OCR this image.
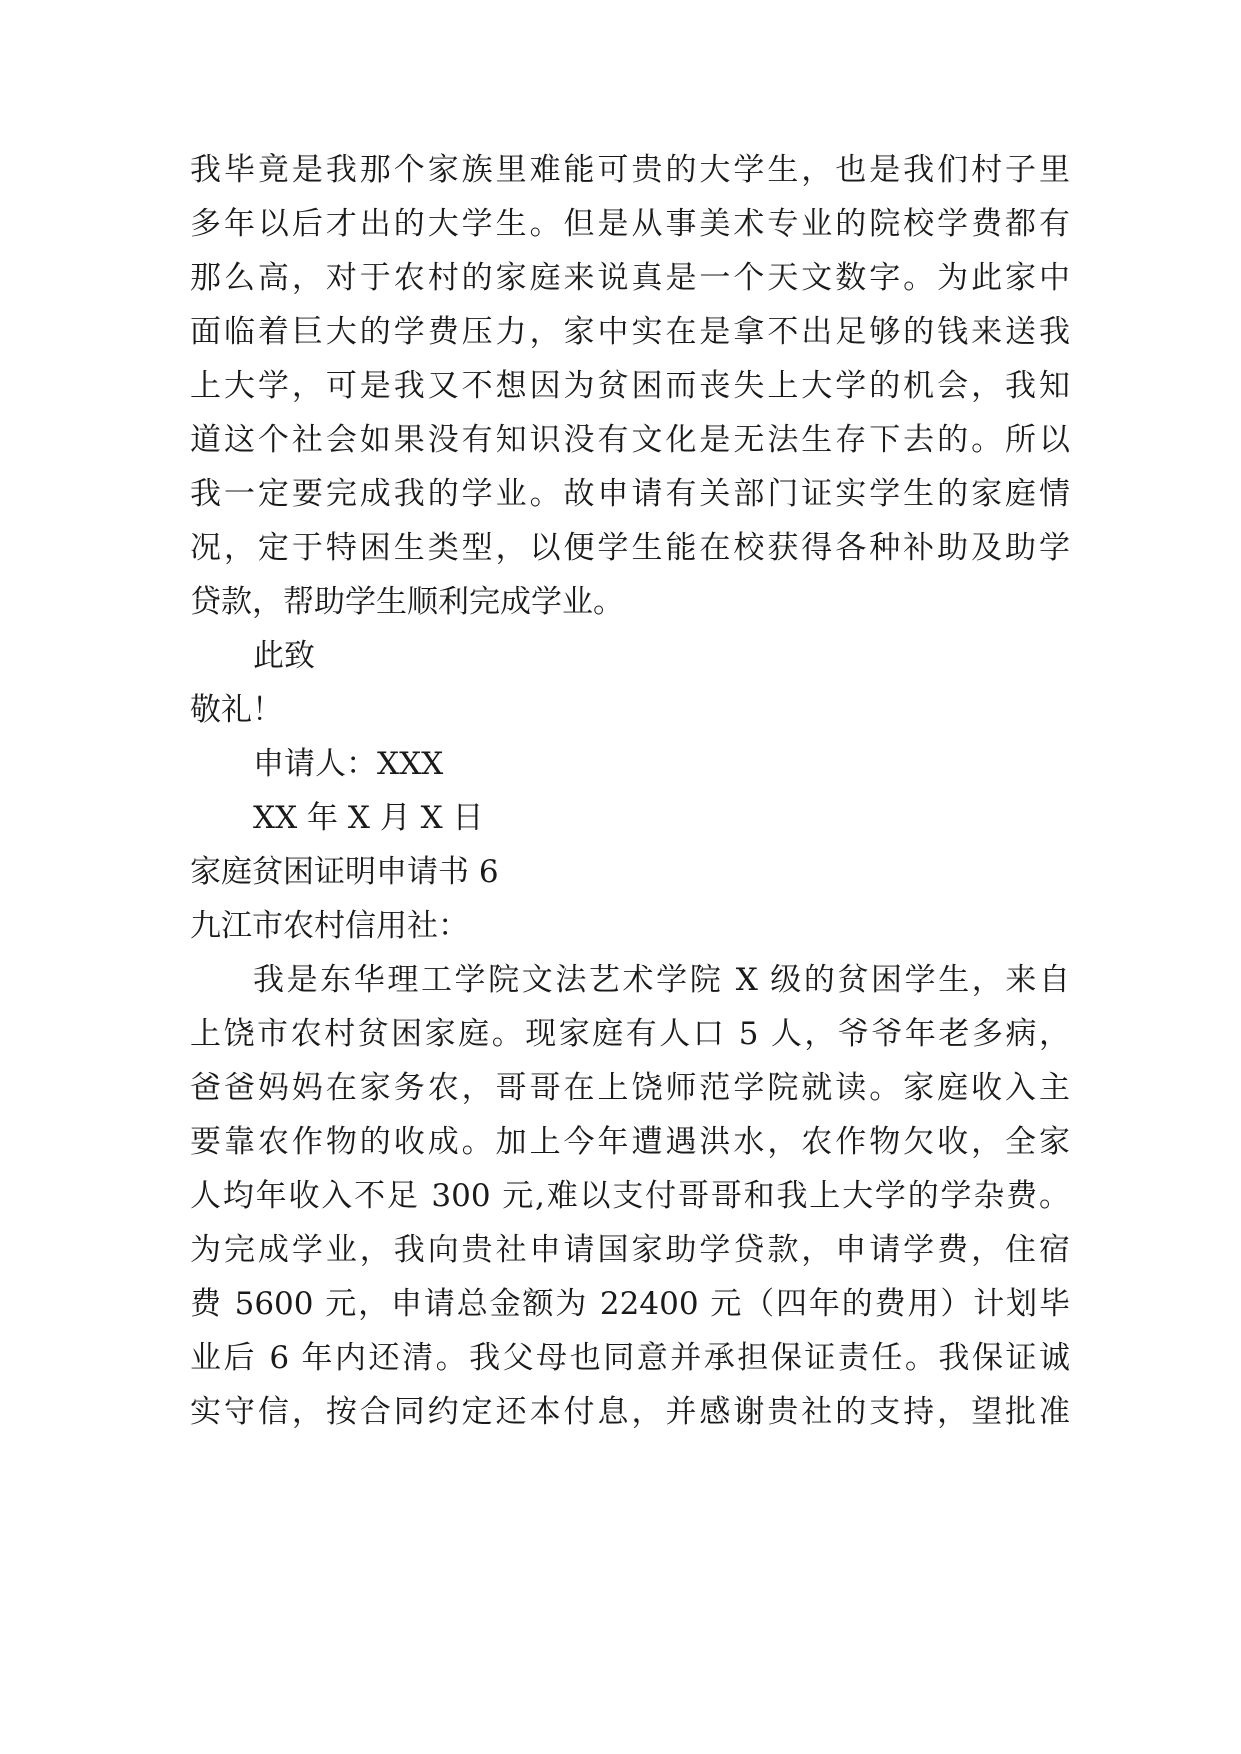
我毕竟是我那个家族里难能可贵的大学生，也是我们村子里
多年以后才出的大学生。但是从事美术专业的院校学费都有
那么高，对于农村的家庭来说真是一个天文数字。为此家中
面临着巨大的学费压力，家中实在是拿不出足够的钱来送我
上大学，可是我又不想因为贫困而丧失上大学的机会，我知
道这个社会如果没有知识没有文化是无法生存下去的。所以
我一定要完成我的学业。故申请有关部门证实学生的家庭情
况，定于特困生类型，以便学生能在校获得各种补助及助学
贷款，帮助学生顺利完成学业。
此致
敬礼！
申请人：XXX
XX 年 X 月 X 日
家庭贫困证明申请书 6
九江市农村信用社：
我是东华理工学院文法艺术学院 X 级的贫困学生，来自
上饶市农村贫困家庭。现家庭有人口 5 人，爷爷年老多病，
爸爸妈妈在家务农，哥哥在上饶师范学院就读。家庭收入主
要靠农作物的收成。加上今年遭遇洪水，农作物欠收，全家
人均年收入不足 300 元,难以支付哥哥和我上大学的学杂费。
为完成学业，我向贵社申请国家助学贷款，申请学费，住宿
费 5600 元，申请总金额为 22400 元（四年的费用）计划毕
业后 6 年内还清。我父母也同意并承担保证责任。我保证诚
实守信，按合同约定还本付息，并感谢贵社的支持，望批准
